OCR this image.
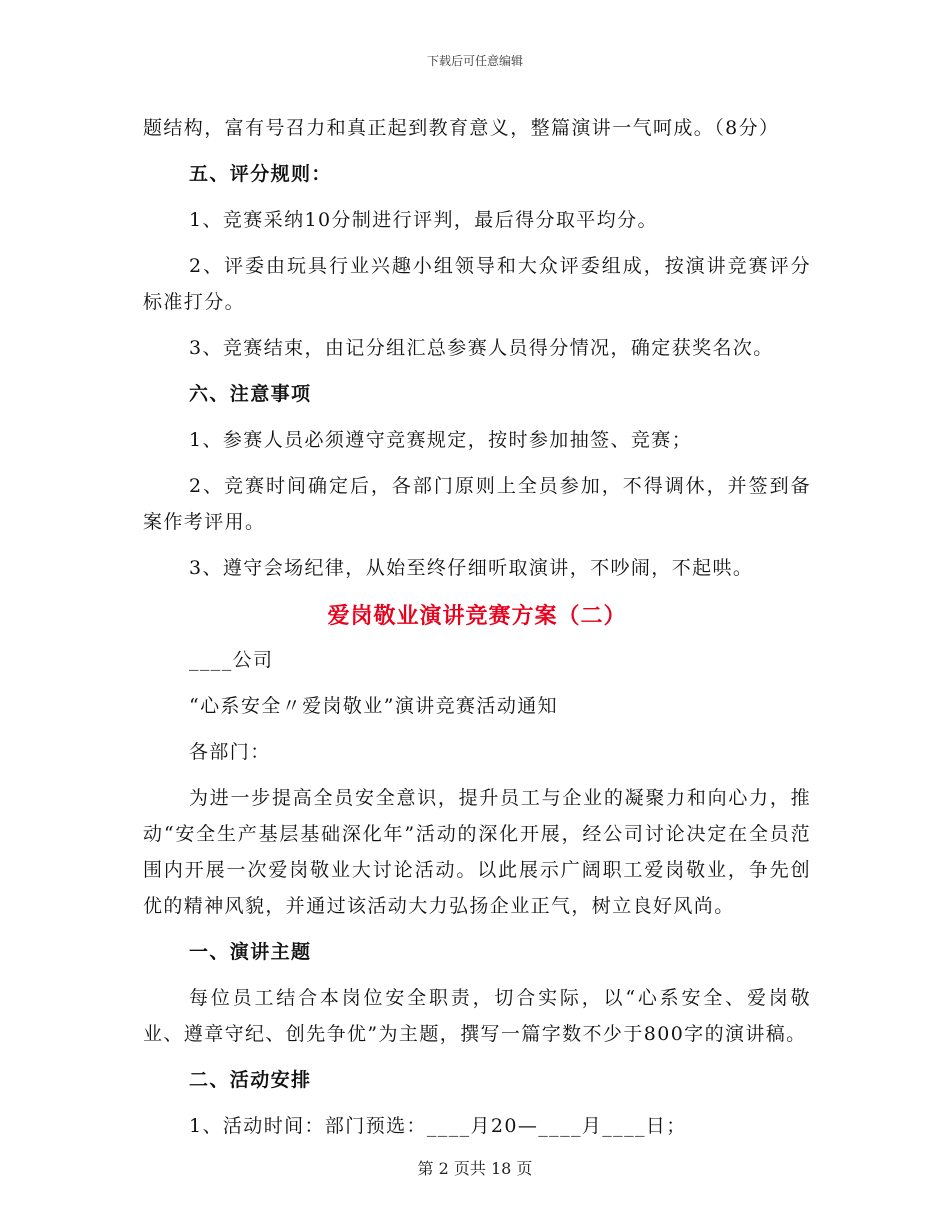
下载后可任意编辑

题结构，富有号召力和真正起到教育意义，整篇演讲一气呵成。（8分）

五、评分规则：

1、竞赛采纳10分制进行评判，最后得分取平均分。

2、评委由玩具行业兴趣小组领导和大众评委组成，按演讲竞赛评分标准打分。

3、竞赛结束，由记分组汇总参赛人员得分情况，确定获奖名次。

六、注意事项

1、参赛人员必须遵守竞赛规定，按时参加抽签、竞赛；

2、竞赛时间确定后，各部门原则上全员参加，不得调休，并签到备案作考评用。

3、遵守会场纪律，从始至终仔细听取演讲，不吵闹，不起哄。

爱岗敬业演讲竞赛方案（二）

____公司

“心系安全〃爱岗敬业”演讲竞赛活动通知

各部门：

为进一步提高全员安全意识，提升员工与企业的凝聚力和向心力，推动“安全生产基层基础深化年”活动的深化开展，经公司讨论决定在全员范围内开展一次爱岗敬业大讨论活动。以此展示广阔职工爱岗敬业，争先创优的精神风貌，并通过该活动大力弘扬企业正气，树立良好风尚。

一、演讲主题

每位员工结合本岗位安全职责，切合实际，以“心系安全、爱岗敬业、遵章守纪、创先争优”为主题，撰写一篇字数不少于800字的演讲稿。

二、活动安排

1、活动时间：部门预选：____月20—____月____日；

第 2 页共 18 页
